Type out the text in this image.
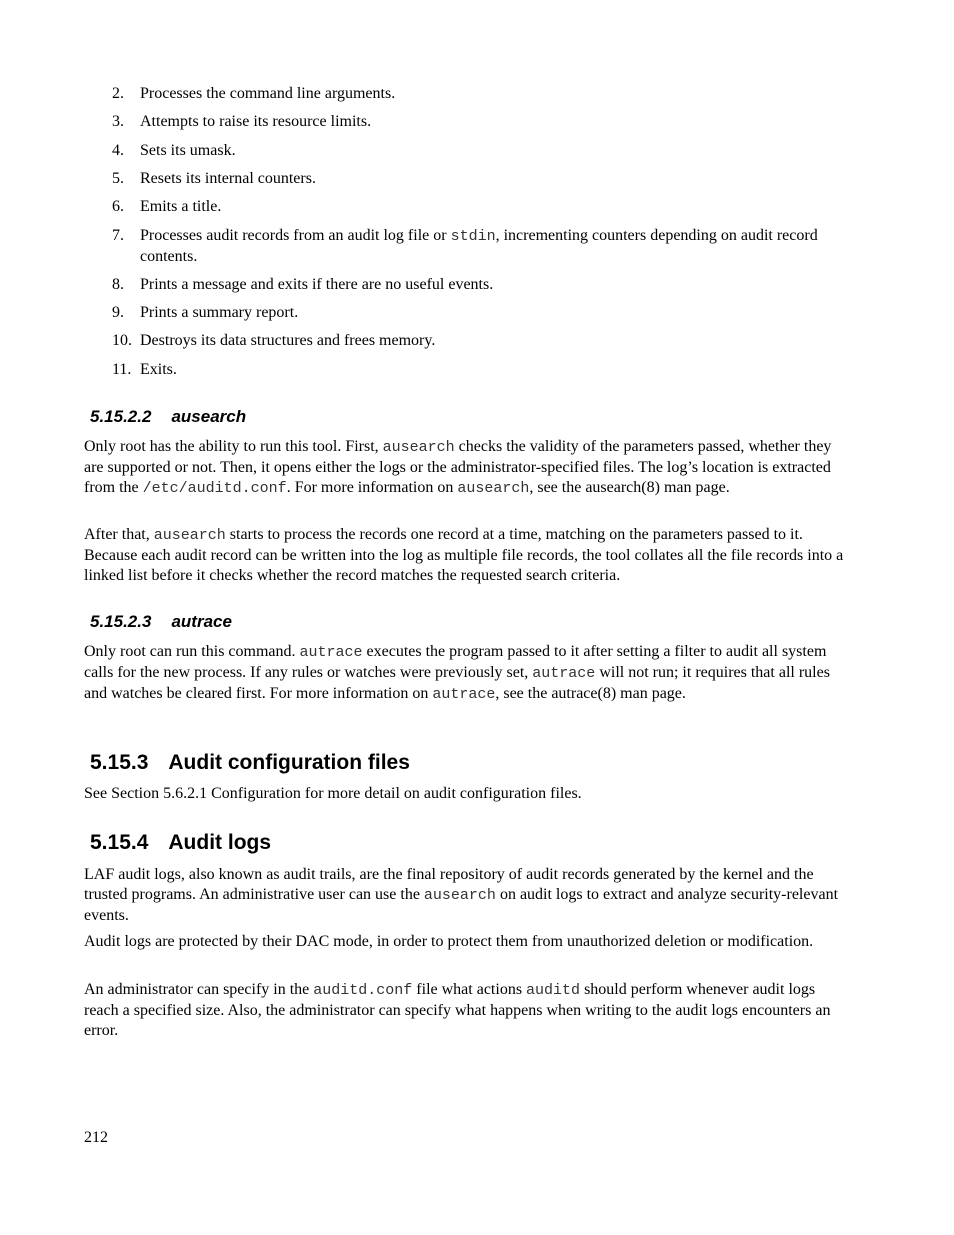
2. Processes the command line arguments.
3. Attempts to raise its resource limits.
4. Sets its umask.
5. Resets its internal counters.
6. Emits a title.
7. Processes audit records from an audit log file or stdin, incrementing counters depending on audit record contents.
8. Prints a message and exits if there are no useful events.
9. Prints a summary report.
10. Destroys its data structures and frees memory.
11. Exits.
5.15.2.2 ausearch
Only root has the ability to run this tool. First, ausearch checks the validity of the parameters passed, whether they are supported or not. Then, it opens either the logs or the administrator-specified files. The log’s location is extracted from the /etc/auditd.conf. For more information on ausearch, see the ausearch(8) man page.
After that, ausearch starts to process the records one record at a time, matching on the parameters passed to it. Because each audit record can be written into the log as multiple file records, the tool collates all the file records into a linked list before it checks whether the record matches the requested search criteria.
5.15.2.3 autrace
Only root can run this command. autrace executes the program passed to it after setting a filter to audit all system calls for the new process. If any rules or watches were previously set, autrace will not run; it requires that all rules and watches be cleared first. For more information on autrace, see the autrace(8) man page.
5.15.3 Audit configuration files
See Section 5.6.2.1 Configuration for more detail on audit configuration files.
5.15.4 Audit logs
LAF audit logs, also known as audit trails, are the final repository of audit records generated by the kernel and the trusted programs. An administrative user can use the ausearch on audit logs to extract and analyze security-relevant events.
Audit logs are protected by their DAC mode, in order to protect them from unauthorized deletion or modification.
An administrator can specify in the auditd.conf file what actions auditd should perform whenever audit logs reach a specified size. Also, the administrator can specify what happens when writing to the audit logs encounters an error.
212
